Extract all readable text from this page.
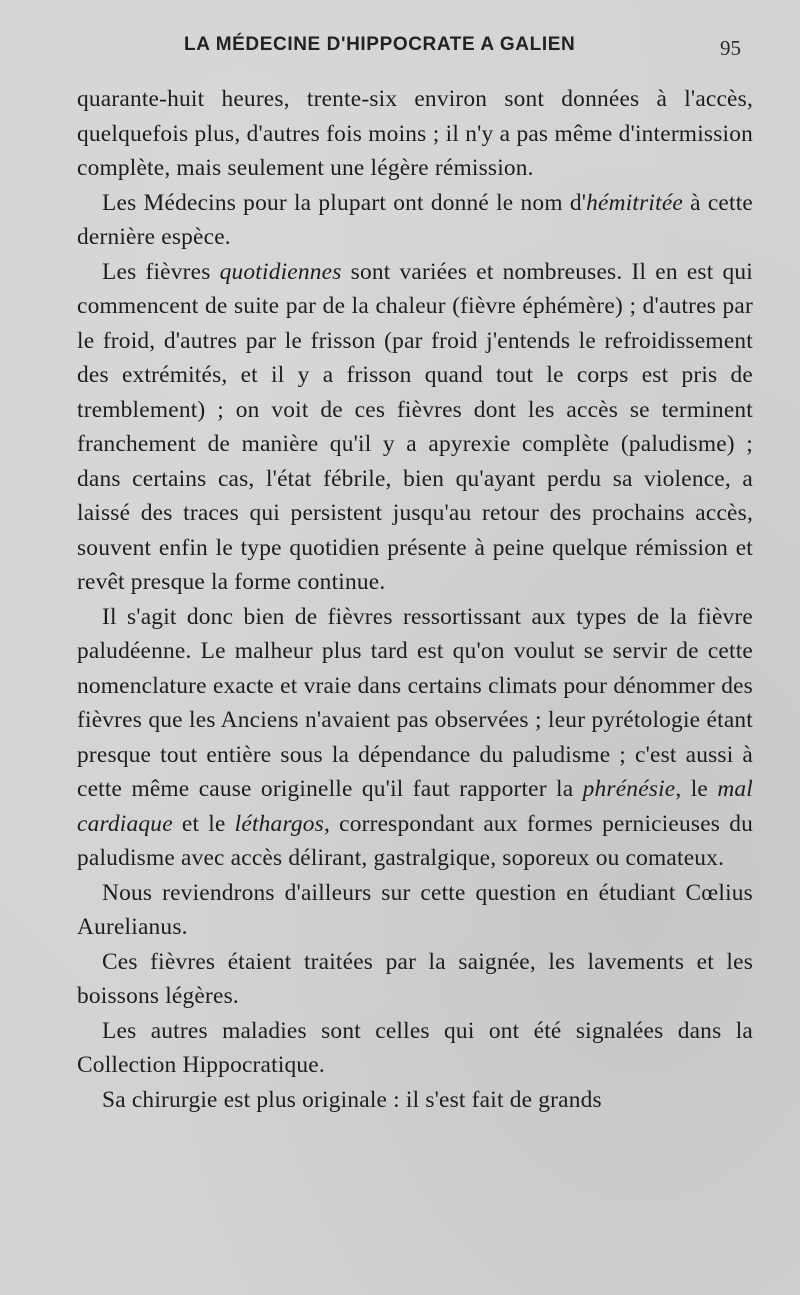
LA MÉDECINE D'HIPPOCRATE A GALIEN	95

quarante-huit heures, trente-six environ sont données à l'accès, quelquefois plus, d'autres fois moins ; il n'y a pas même d'intermission complète, mais seulement une légère rémission.

Les Médecins pour la plupart ont donné le nom d'hémitritée à cette dernière espèce.

Les fièvres quotidiennes sont variées et nombreuses. Il en est qui commencent de suite par de la chaleur (fièvre éphémère) ; d'autres par le froid, d'autres par le frisson (par froid j'entends le refroidissement des extrémités, et il y a frisson quand tout le corps est pris de tremblement) ; on voit de ces fièvres dont les accès se terminent franchement de manière qu'il y a apyrexie complète (paludisme) ; dans certains cas, l'état fébrile, bien qu'ayant perdu sa violence, a laissé des traces qui persistent jusqu'au retour des prochains accès, souvent enfin le type quotidien présente à peine quelque rémission et revêt presque la forme continue.

Il s'agit donc bien de fièvres ressortissant aux types de la fièvre paludéenne. Le malheur plus tard est qu'on voulut se servir de cette nomenclature exacte et vraie dans certains climats pour dénommer des fièvres que les Anciens n'avaient pas observées ; leur pyrétologie étant presque tout entière sous la dépendance du paludisme ; c'est aussi à cette même cause originelle qu'il faut rapporter la phrénésie, le mal cardiaque et le léthargos, correspondant aux formes pernicieuses du paludisme avec accès délirant, gastralgique, soporeux ou comateux.

Nous reviendrons d'ailleurs sur cette question en étudiant Cœlius Aurelianus.

Ces fièvres étaient traitées par la saignée, les lavements et les boissons légères.

Les autres maladies sont celles qui ont été signalées dans la Collection Hippocratique.

Sa chirurgie est plus originale : il s'est fait de grands
